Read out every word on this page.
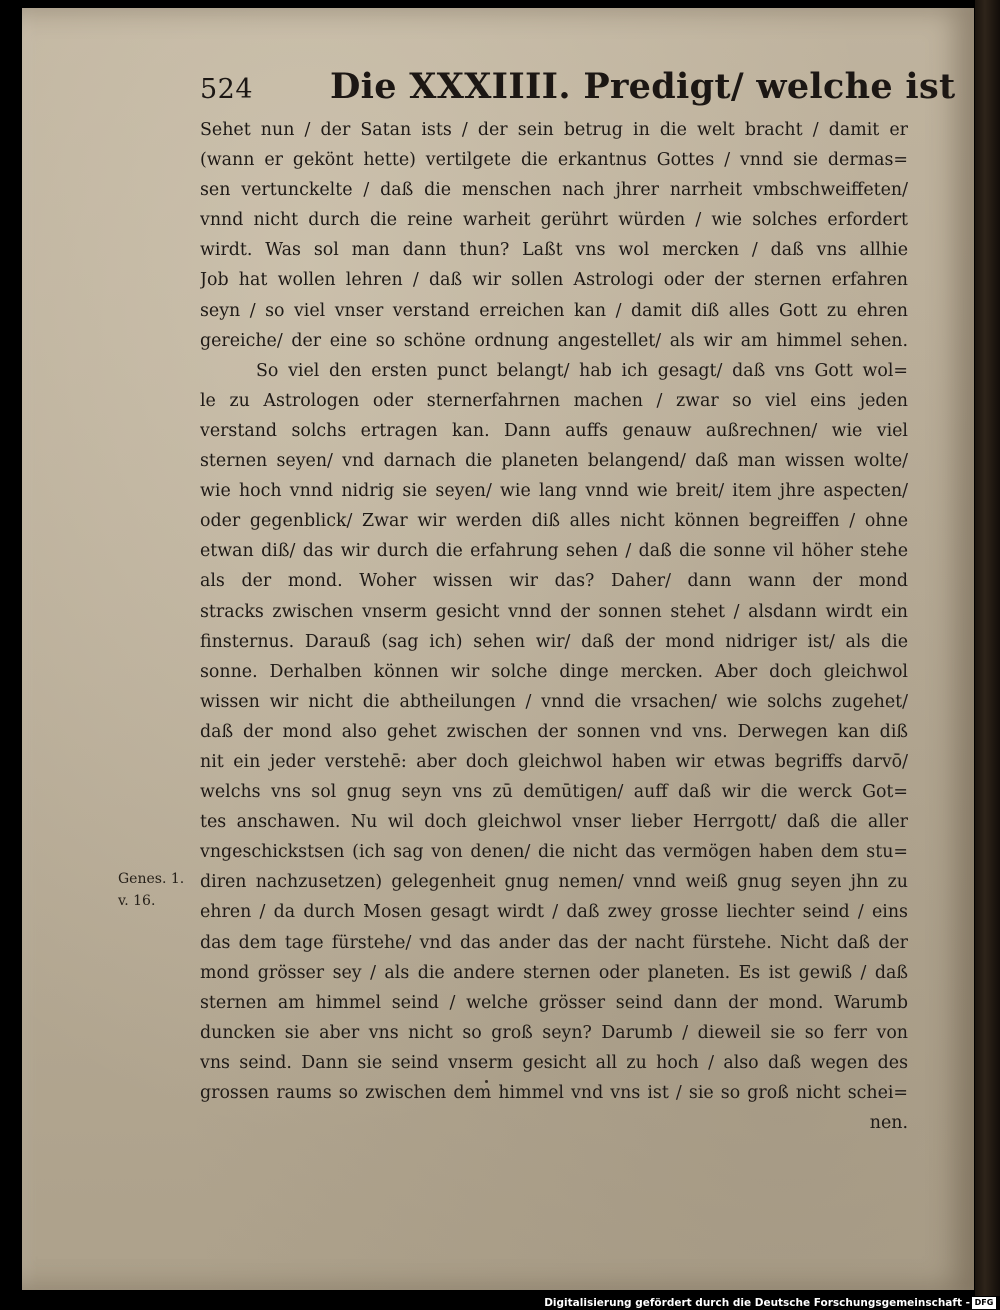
524 Die XXXIIII. Predigt/ welche ist
Sehet nun / der Satan ists / der sein betrug in die welt bracht / damit er
(wann er gekönt hette) vertilgete die erkantnus Gottes / vnnd sie dermas=
sen vertunckelte / daß die menschen nach jhrer narrheit vmbschweiffeten/
vnnd nicht durch die reine warheit gerührt würden / wie solches erfordert
wirdt. Was sol man dann thun? Laßt vns wol mercken / daß vns allhie
Job hat wollen lehren / daß wir sollen Astrologi oder der sternen erfahren
seyn / so viel vnser verstand erreichen kan / damit diß alles Gott zu ehren
gereiche/ der eine so schöne ordnung angestellet/ als wir am himmel sehen.
So viel den ersten punct belangt/ hab ich gesagt/ daß vns Gott wol=
le zu Astrologen oder sternerfahrnen machen / zwar so viel eins jeden
verstand solchs ertragen kan. Dann auffs genauw außrechnen/ wie viel
sternen seyen/ vnd darnach die planeten belangend/ daß man wissen wolte/
wie hoch vnnd nidrig sie seyen/ wie lang vnnd wie breit/ item jhre aspecten/
oder gegenblick/ Zwar wir werden diß alles nicht können begreiffen / ohne
etwan diß/ das wir durch die erfahrung sehen / daß die sonne vil höher stehe
als der mond. Woher wissen wir das? Daher/ dann wann der mond
stracks zwischen vnserm gesicht vnnd der sonnen stehet / alsdann wirdt ein
finsternus. Darauß (sag ich) sehen wir/ daß der mond nidriger ist/ als die
sonne. Derhalben können wir solche dinge mercken. Aber doch gleichwol
wissen wir nicht die abtheilungen / vnnd die vrsachen/ wie solchs zugehet/
daß der mond also gehet zwischen der sonnen vnd vns. Derwegen kan diß
nit ein jeder verstehē: aber doch gleichwol haben wir etwas begriffs darvō/
welchs vns sol gnug seyn vns zū demūtigen/ auff daß wir die werck Got=
tes anschawen. Nu wil doch gleichwol vnser lieber Herrgott/ daß die aller
vngeschickstsen (ich sag von denen/ die nicht das vermögen haben dem stu=
diren nachzusetzen) gelegenheit gnug nemen/ vnnd weiß gnug seyen jhn zu
ehren / da durch Mosen gesagt wirdt / daß zwey grosse liechter seind / eins
das dem tage fürstehe/ vnd das ander das der nacht fürstehe. Nicht daß der
mond grösser sey / als die andere sternen oder planeten. Es ist gewiß / daß
sternen am himmel seind / welche grösser seind dann der mond. Warumb
duncken sie aber vns nicht so groß seyn? Darumb / dieweil sie so ferr von
vns seind. Dann sie seind vnserm gesicht all zu hoch / also daß wegen des
grossen raums so zwischen dem himmel vnd vns ist / sie so groß nicht schei=
nen.
Genes. 1.
v. 16.
Digitalisierung gefördert durch die Deutsche Forschungsgemeinschaft - DFG
